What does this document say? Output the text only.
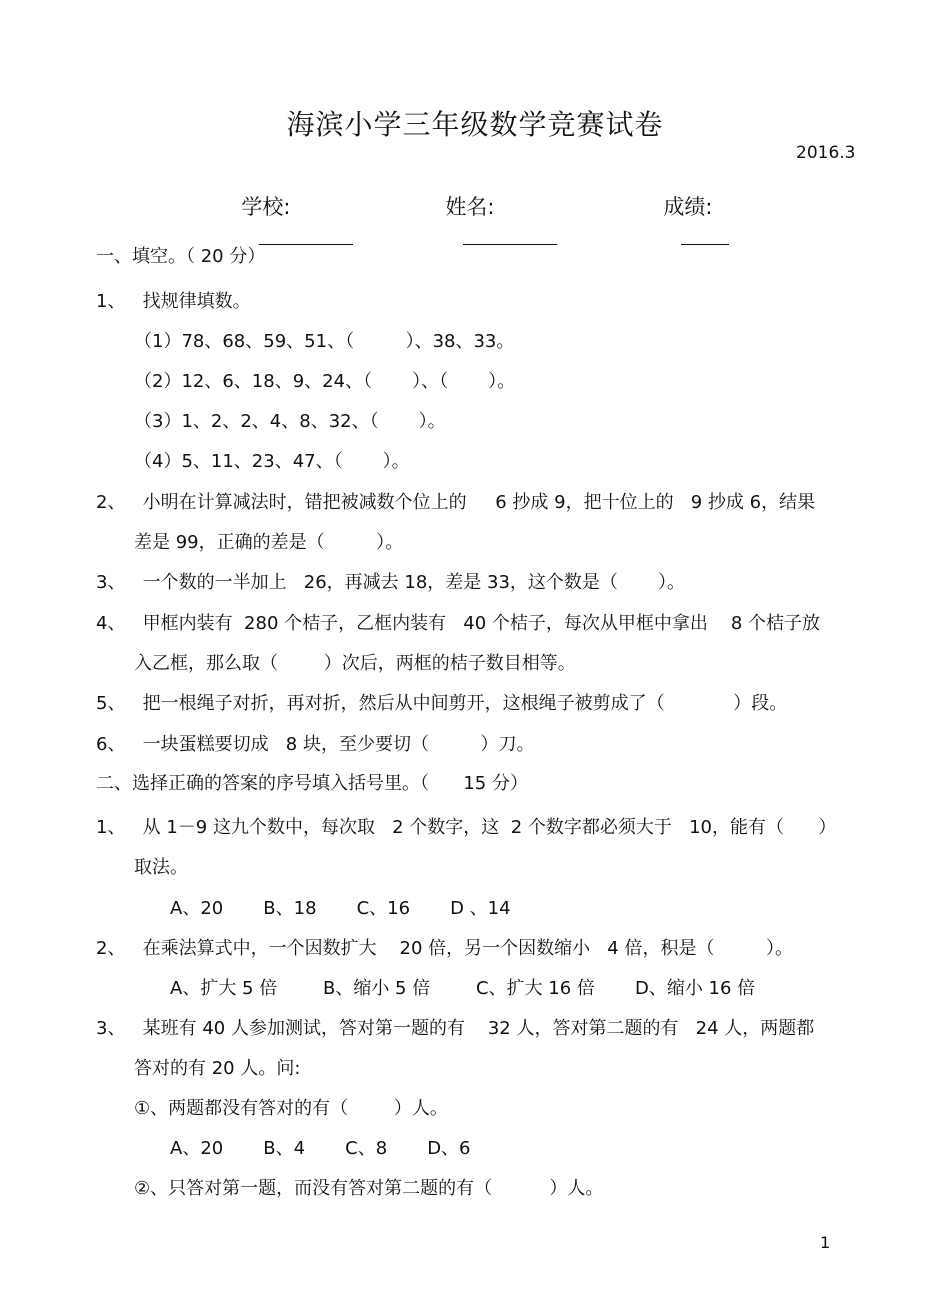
海滨小学三年级数学竞赛试卷
2016.3

学校:
	姓名:
	成绩:

一、填空。（ 20 分）
1、   找规律填数。
（1）78、68、59、51、（         ）、38、33。
（2）12、6、18、9、24、（       ）、（       ）。
（3）1、2、2、4、8、32、（       ）。
（4）5、11、23、47、（       ）。
2、   小明在计算减法时，错把被减数个位上的     6 抄成 9，把十位上的   9 抄成 6，结果
差是 99，正确的差是（         ）。
3、   一个数的一半加上   26，再减去 18，差是 33，这个数是（       ）。
4、   甲框内装有  280 个桔子，乙框内装有   40 个桔子，每次从甲框中拿出    8 个桔子放
入乙框，那么取（        ）次后，两框的桔子数目相等。
5、   把一根绳子对折，再对折，然后从中间剪开，这根绳子被剪成了（            ）段。
6、   一块蛋糕要切成   8 块，至少要切（         ）刀。
二、选择正确的答案的序号填入括号里。（      15 分）
1、   从 1－9 这九个数中，每次取   2 个数字，这  2 个数字都必须大于   10，能有（      ）
取法。
A、20       B、18       C、16       D 、14
2、   在乘法算式中，一个因数扩大    20 倍，另一个因数缩小   4 倍，积是（         ）。
A、扩大 5 倍        B、缩小 5 倍        C、扩大 16 倍       D、缩小 16 倍
3、   某班有 40 人参加测试，答对第一题的有    32 人，答对第二题的有   24 人，两题都
答对的有 20 人。问:
①、两题都没有答对的有（        ）人。
A、20       B、4       C、8       D、6
②、只答对第一题，而没有答对第二题的有（          ）人。
1
